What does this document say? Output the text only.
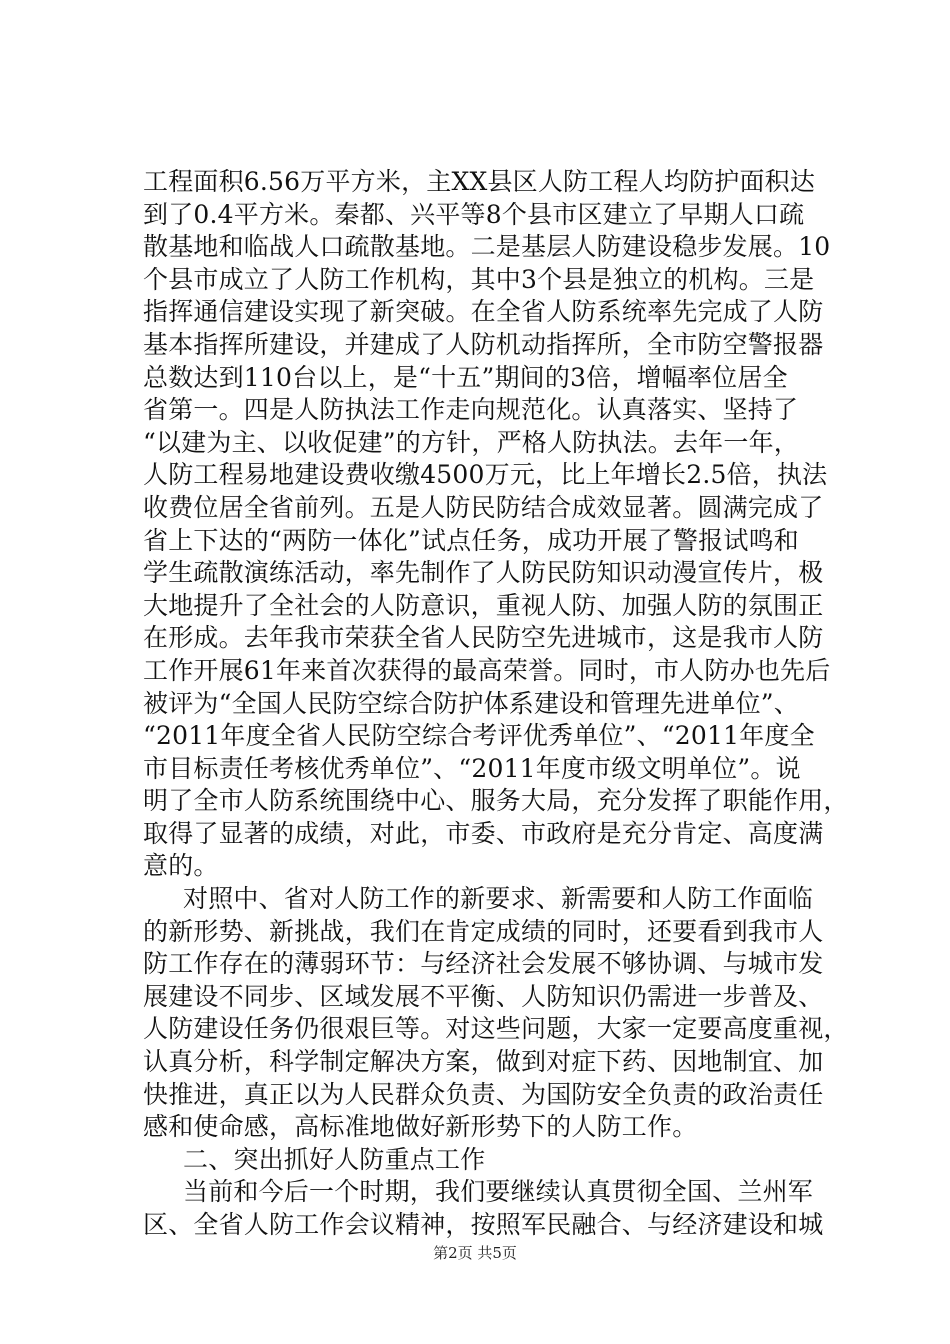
工程面积6.56万平方米，主XX县区人防工程人均防护面积达
到了0.4平方米。秦都、兴平等8个县市区建立了早期人口疏
散基地和临战人口疏散基地。二是基层人防建设稳步发展。10
个县市成立了人防工作机构，其中3个县是独立的机构。三是
指挥通信建设实现了新突破。在全省人防系统率先完成了人防
基本指挥所建设，并建成了人防机动指挥所，全市防空警报器
总数达到110台以上，是“十五”期间的3倍，增幅率位居全
省第一。四是人防执法工作走向规范化。认真落实、坚持了
“以建为主、以收促建”的方针，严格人防执法。去年一年，
人防工程易地建设费收缴4500万元，比上年增长2.5倍，执法
收费位居全省前列。五是人防民防结合成效显著。圆满完成了
省上下达的“两防一体化”试点任务，成功开展了警报试鸣和
学生疏散演练活动，率先制作了人防民防知识动漫宣传片，极
大地提升了全社会的人防意识，重视人防、加强人防的氛围正
在形成。去年我市荣获全省人民防空先进城市，这是我市人防
工作开展61年来首次获得的最高荣誉。同时，市人防办也先后
被评为“全国人民防空综合防护体系建设和管理先进单位”、
“2011年度全省人民防空综合考评优秀单位”、“2011年度全
市目标责任考核优秀单位”、“2011年度市级文明单位”。说
明了全市人防系统围绕中心、服务大局，充分发挥了职能作用，
取得了显著的成绩，对此，市委、市政府是充分肯定、高度满
意的。
对照中、省对人防工作的新要求、新需要和人防工作面临
的新形势、新挑战，我们在肯定成绩的同时，还要看到我市人
防工作存在的薄弱环节：与经济社会发展不够协调、与城市发
展建设不同步、区域发展不平衡、人防知识仍需进一步普及、
人防建设任务仍很艰巨等。对这些问题，大家一定要高度重视，
认真分析，科学制定解决方案，做到对症下药、因地制宜、加
快推进，真正以为人民群众负责、为国防安全负责的政治责任
感和使命感，高标准地做好新形势下的人防工作。
二、突出抓好人防重点工作
当前和今后一个时期，我们要继续认真贯彻全国、兰州军
区、全省人防工作会议精神，按照军民融合、与经济建设和城
第2页 共5页
